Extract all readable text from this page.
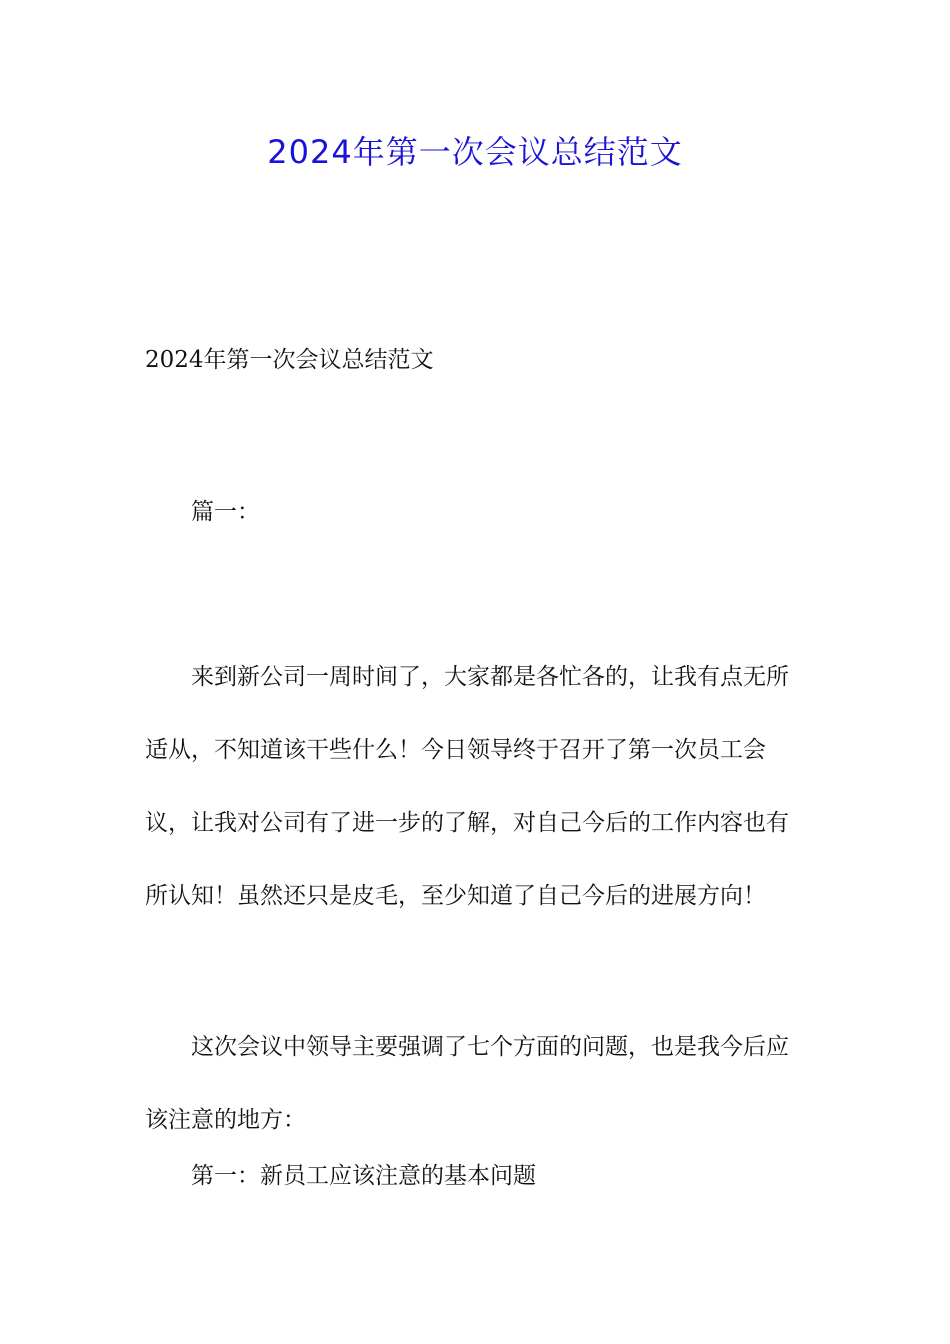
2024年第一次会议总结范文

2024年第一次会议总结范文

篇一：

来到新公司一周时间了，大家都是各忙各的，让我有点无所适从，不知道该干些什么！今日领导终于召开了第一次员工会议，让我对公司有了进一步的了解，对自己今后的工作内容也有所认知！虽然还只是皮毛，至少知道了自己今后的进展方向！

这次会议中领导主要强调了七个方面的问题，也是我今后应该注意的地方：

第一：新员工应该注意的基本问题
